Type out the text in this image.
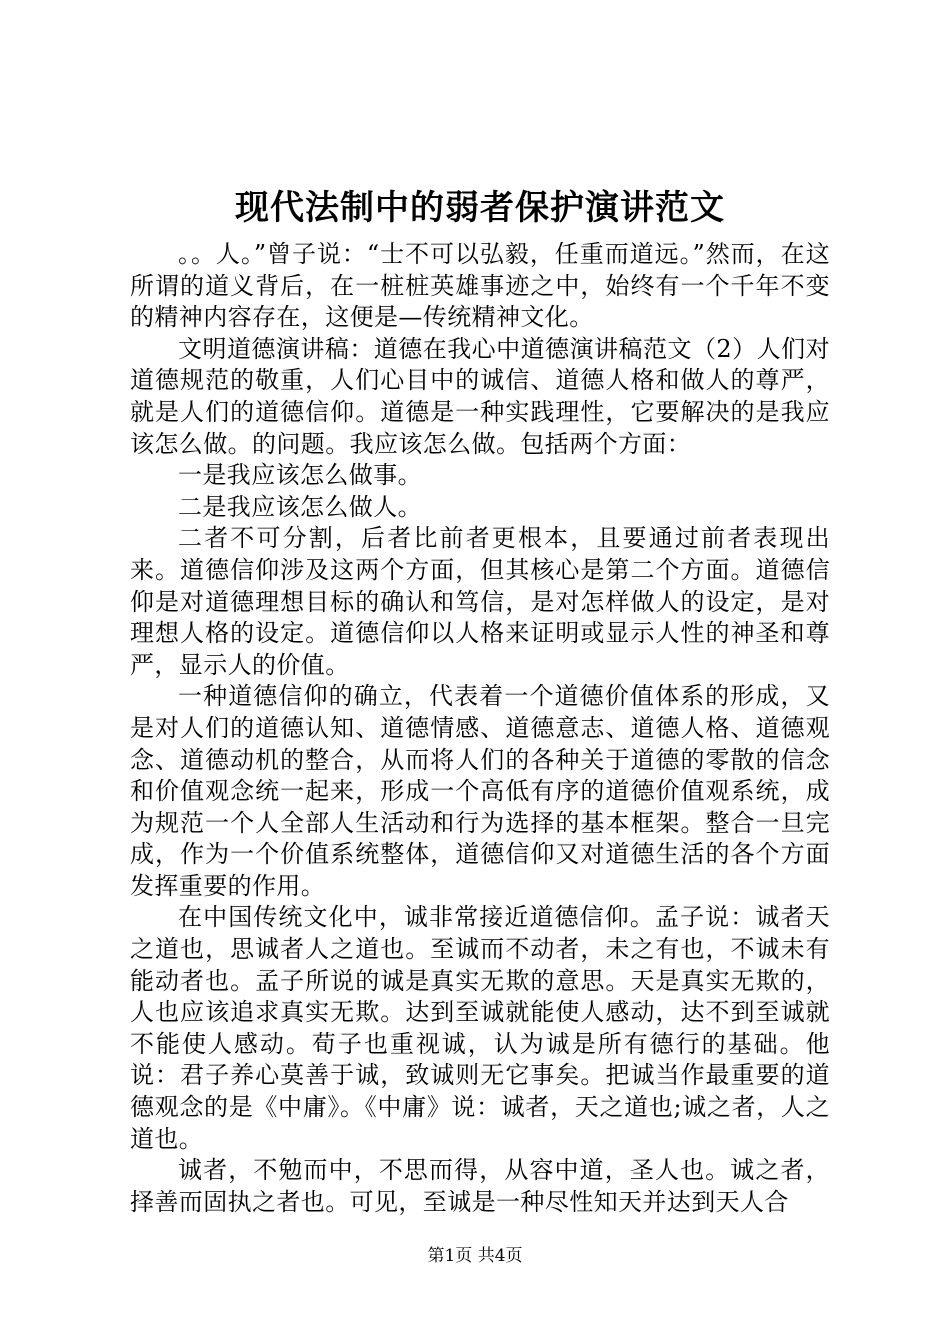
现代法制中的弱者保护演讲范文

。。人。”曾子说：“士不可以弘毅，任重而道远。”然而，在这所谓的道义背后，在一桩桩英雄事迹之中，始终有一个千年不变的精神内容存在，这便是—传统精神文化。

文明道德演讲稿：道德在我心中道德演讲稿范文（2）人们对道德规范的敬重，人们心目中的诚信、道德人格和做人的尊严，就是人们的道德信仰。道德是一种实践理性，它要解决的是我应该怎么做。的问题。我应该怎么做。包括两个方面：

一是我应该怎么做事。

二是我应该怎么做人。

二者不可分割，后者比前者更根本，且要通过前者表现出来。道德信仰涉及这两个方面，但其核心是第二个方面。道德信仰是对道德理想目标的确认和笃信，是对怎样做人的设定，是对理想人格的设定。道德信仰以人格来证明或显示人性的神圣和尊严，显示人的价值。

一种道德信仰的确立，代表着一个道德价值体系的形成，又是对人们的道德认知、道德情感、道德意志、道德人格、道德观念、道德动机的整合，从而将人们的各种关于道德的零散的信念和价值观念统一起来，形成一个高低有序的道德价值观系统，成为规范一个人全部人生活动和行为选择的基本框架。整合一旦完成，作为一个价值系统整体，道德信仰又对道德生活的各个方面发挥重要的作用。

在中国传统文化中，诚非常接近道德信仰。孟子说：诚者天之道也，思诚者人之道也。至诚而不动者，未之有也，不诚未有能动者也。孟子所说的诚是真实无欺的意思。天是真实无欺的，人也应该追求真实无欺。达到至诚就能使人感动，达不到至诚就不能使人感动。荀子也重视诚，认为诚是所有德行的基础。他说：君子养心莫善于诚，致诚则无它事矣。把诚当作最重要的道德观念的是《中庸》。《中庸》说：诚者，天之道也;诚之者，人之道也。

诚者，不勉而中，不思而得，从容中道，圣人也。诚之者，择善而固执之者也。可见，至诚是一种尽性知天并达到天人合

第1页 共4页
